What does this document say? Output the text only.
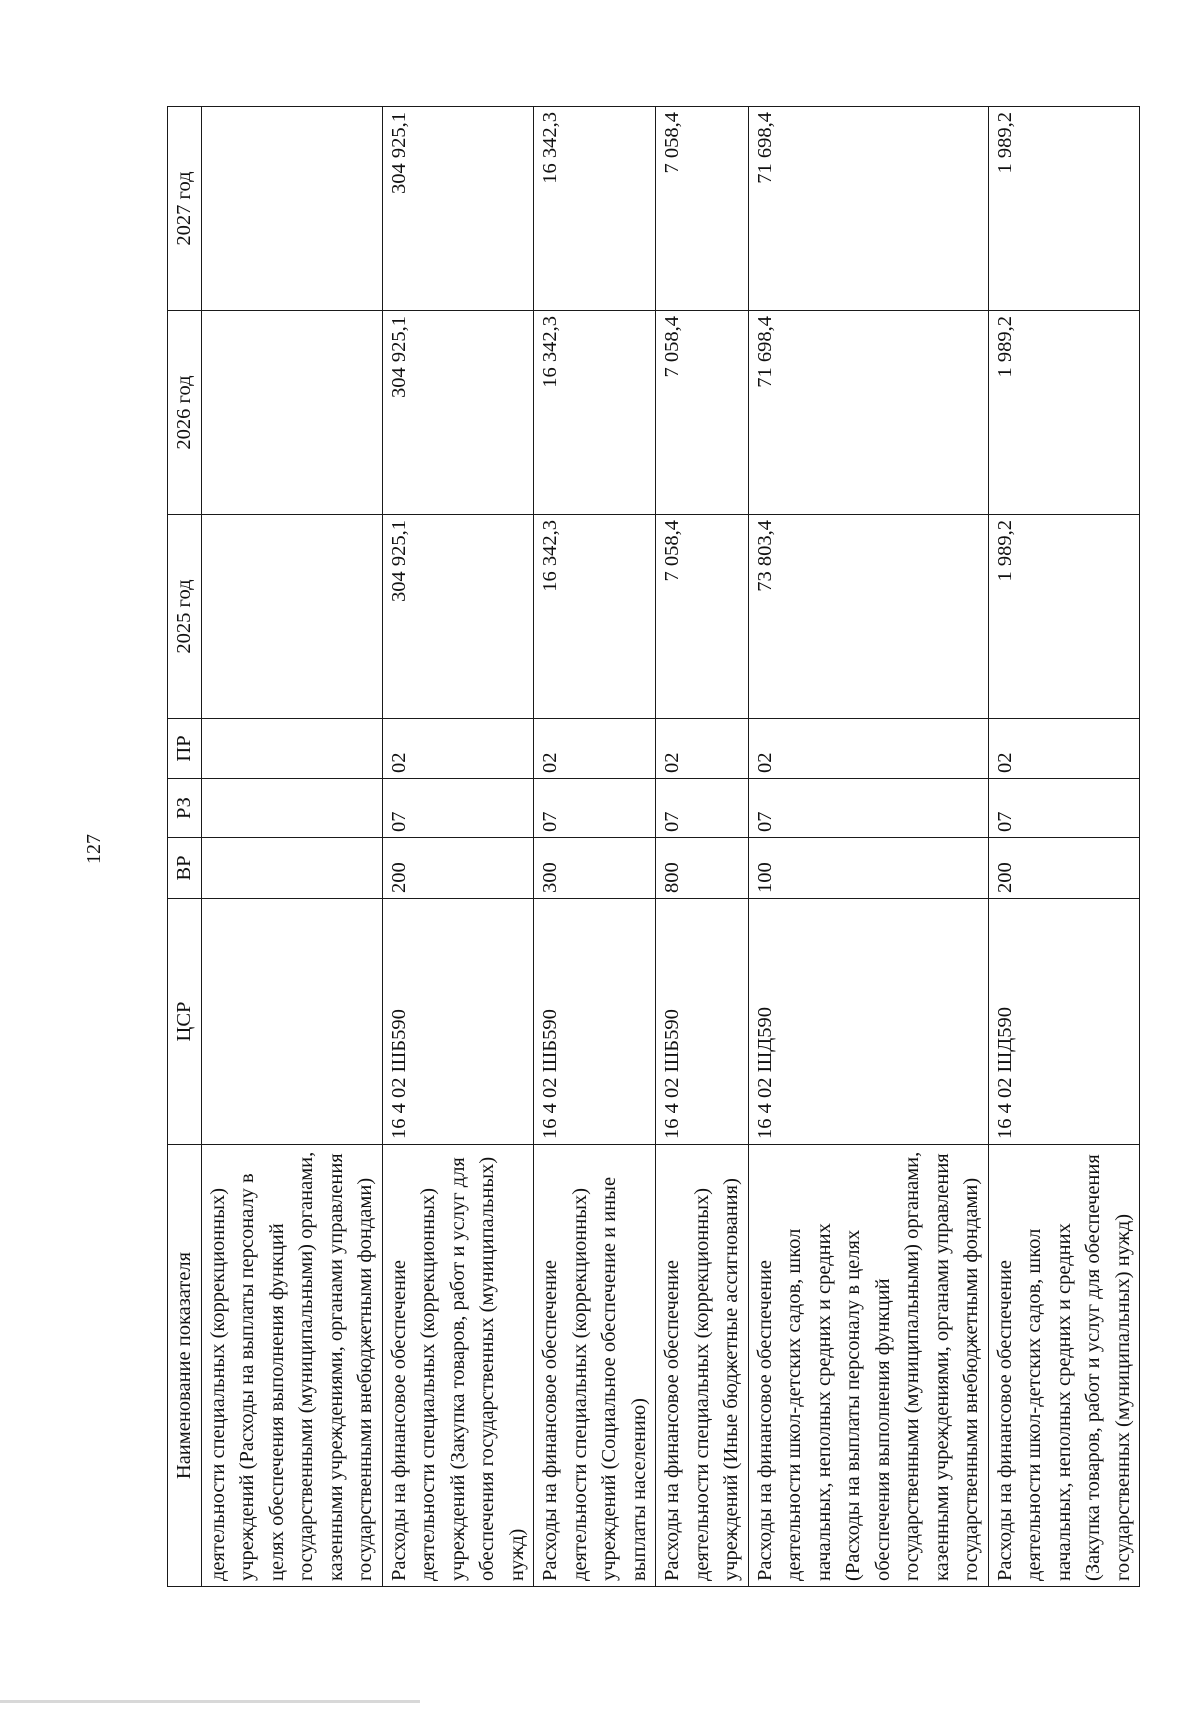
127
Наименование показателя	ЦСР	ВР	РЗ	ПР	2025 год	2026 год	2027 год
деятельности специальных (коррекционных) учреждений (Расходы на выплаты персоналу в целях обеспечения выполнения функций государственными (муниципальными) органами, казенными учреждениями, органами управления государственными внебюджетными фондами)							
Расходы на финансовое обеспечение деятельности специальных (коррекционных) учреждений (Закупка товаров, работ и услуг для обеспечения государственных (муниципальных) нужд)	16 4 02 ШБ590	200	07	02	304 925,1	304 925,1	304 925,1
Расходы на финансовое обеспечение деятельности специальных (коррекционных) учреждений (Социальное обеспечение и иные выплаты населению)	16 4 02 ШБ590	300	07	02	16 342,3	16 342,3	16 342,3
Расходы на финансовое обеспечение деятельности специальных (коррекционных) учреждений (Иные бюджетные ассигнования)	16 4 02 ШБ590	800	07	02	7 058,4	7 058,4	7 058,4
Расходы на финансовое обеспечение деятельности школ-детских садов, школ начальных, неполных средних и средних (Расходы на выплаты персоналу в целях обеспечения выполнения функций государственными (муниципальными) органами, казенными учреждениями, органами управления государственными внебюджетными фондами)	16 4 02 ШД590	100	07	02	73 803,4	71 698,4	71 698,4
Расходы на финансовое обеспечение деятельности школ-детских садов, школ начальных, неполных средних и средних (Закупка товаров, работ и услуг для обеспечения государственных (муниципальных) нужд)	16 4 02 ШД590	200	07	02	1 989,2	1 989,2	1 989,2
